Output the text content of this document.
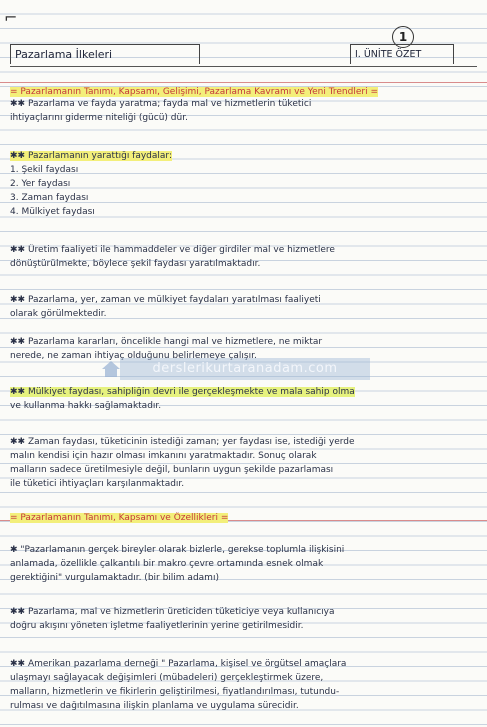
⌐
1
Pazarlama İlkeleri	I. ÜNİTE ÖZET
= Pazarlamanın Tanımı, Kapsamı, Gelişimi, Pazarlama Kavramı ve Yeni Trendleri =
✱✱ Pazarlama ve fayda yaratma; fayda mal ve hizmetlerin tüketici
ihtiyaçlarını giderme niteliği (gücü) dür.
✱✱ Pazarlamanın yarattığı faydalar:
1. Şekil faydası
2. Yer faydası
3. Zaman faydası
4. Mülkiyet faydası
✱✱ Üretim faaliyeti ile hammaddeler ve diğer girdiler mal ve hizmetlere
dönüştürülmekte, böylece şekil faydası yaratılmaktadır.
✱✱ Pazarlama, yer, zaman ve mülkiyet faydaları yaratılması faaliyeti
olarak görülmektedir.
✱✱ Pazarlama kararları, öncelikle hangi mal ve hizmetlere, ne miktar
nerede, ne zaman ihtiyaç olduğunu belirlemeye çalışır.
derslerikurtaranadam.com
✱✱ Mülkiyet faydası, sahipliğin devri ile gerçekleşmekte ve mala sahip olma
ve kullanma hakkı sağlamaktadır.
✱✱ Zaman faydası, tüketicinin istediği zaman; yer faydası ise, istediği yerde
malın kendisi için hazır olması imkanını yaratmaktadır. Sonuç olarak
malların sadece üretilmesiyle değil, bunların uygun şekilde pazarlaması
ile tüketici ihtiyaçları karşılanmaktadır.
= Pazarlamanın Tanımı, Kapsamı ve Özellikleri =
✱ "Pazarlamanın gerçek bireyler olarak bizlerle, gerekse toplumla ilişkisini
anlamada, özellikle çalkantılı bir makro çevre ortamında esnek olmak
gerektiğini" vurgulamaktadır. (bir bilim adamı)
✱✱ Pazarlama, mal ve hizmetlerin üreticiden tüketiciye veya kullanıcıya
doğru akışını yöneten işletme faaliyetlerinin yerine getirilmesidir.
✱✱ Amerikan pazarlama derneği " Pazarlama, kişisel ve örgütsel amaçlara
ulaşmayı sağlayacak değişimleri (mübadeleri) gerçekleştirmek üzere,
malların, hizmetlerin ve fikirlerin geliştirilmesi, fiyatlandırılması, tutundu-
rulması ve dağıtılmasına ilişkin planlama ve uygulama sürecidir.
